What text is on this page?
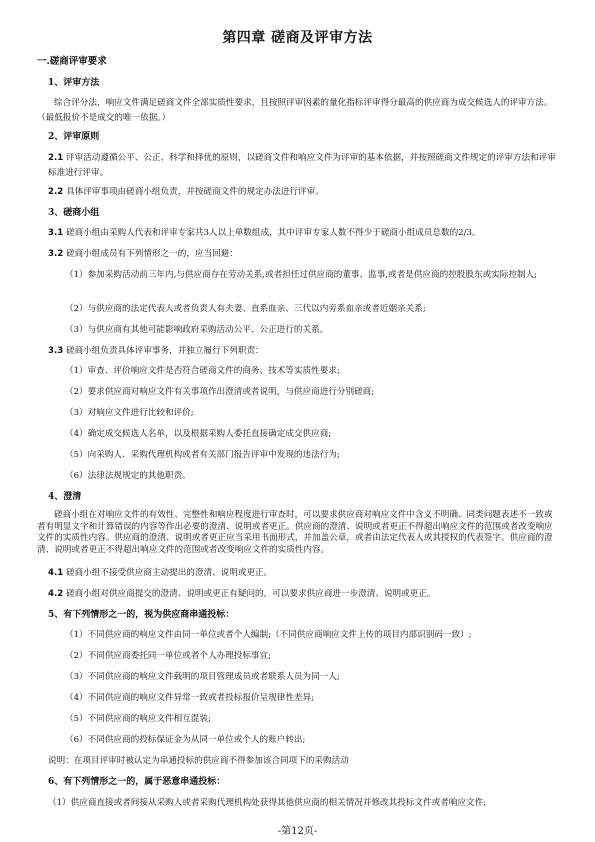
第四章 磋商及评审方法
一.磋商评审要求
1、评审方法
综合评分法，响应文件满足磋商文件全部实质性要求，且按照评审因素的量化指标评审得分最高的供应商为成交候选人的评审方法。（最低报价不是成交的唯一依据。）
2、评审原则
2.1 评审活动遵循公平、公正、科学和择优的原则，以磋商文件和响应文件为评审的基本依据，并按照磋商文件规定的评审方法和评审标准进行评审。
2.2 具体评审事项由磋商小组负责，并按磋商文件的规定办法进行评审。
3、磋商小组
3.1 磋商小组由采购人代表和评审专家共3人以上单数组成，其中评审专家人数不得少于磋商小组成员总数的2/3。
3.2 磋商小组成员有下列情形之一的，应当回避：
（1）参加采购活动前三年内,与供应商存在劳动关系,或者担任过供应商的董事、监事,或者是供应商的控股股东或实际控制人;
（2）与供应商的法定代表人或者负责人有夫妻、直系血亲、三代以内旁系血亲或者近姻亲关系;
（3）与供应商有其他可能影响政府采购活动公平、公正进行的关系。
3.3 磋商小组负责具体评审事务，并独立履行下列职责：
（1）审查、评价响应文件是否符合磋商文件的商务、技术等实质性要求;
（2）要求供应商对响应文件有关事项作出澄清或者说明，与供应商进行分别磋商;
（3）对响应文件进行比较和评价;
（4）确定成交候选人名单，以及根据采购人委托直接确定成交供应商;
（5）向采购人、采购代理机构或者有关部门报告评审中发现的违法行为;
（6）法律法规规定的其他职责。
4、澄清
磋商小组在对响应文件的有效性、完整性和响应程度进行审查时，可以要求供应商对响应文件中含义不明确、同类问题表述不一致或者有明显文字和计算错误的内容等作出必要的澄清、说明或者更正。供应商的澄清、说明或者更正不得超出响应文件的范围或者改变响应文件的实质性内容。供应商的澄清、说明或者更正应当采用书面形式，并加盖公章，或者由法定代表人或其授权的代表签字。供应商的澄清、说明或者更正不得超出响应文件的范围或者改变响应文件的实质性内容。
4.1 磋商小组不接受供应商主动提出的澄清、说明或更正。
4.2 磋商小组对供应商提交的澄清、说明或更正有疑问的，可以要求供应商进一步澄清、说明或更正。
5、有下列情形之一的，视为供应商串通投标：
（1）不同供应商的响应文件由同一单位或者个人编制;（不同供应商响应文件上传的项目内部识别码一致）;
（2）不同供应商委托同一单位或者个人办理投标事宜;
（3）不同供应商的响应文件载明的项目管理成员或者联系人员为同一人;
（4）不同供应商的响应文件异常一致或者投标报价呈规律性差异;
（5）不同供应商的响应文件相互混装;
（6）不同供应商的投标保证金为从同一单位或个人的账户转出;
说明：在项目评审时被认定为串通投标的供应商不得参加该合同项下的采购活动
6、有下列情形之一的，属于恶意串通投标：
（1）供应商直接或者间接从采购人或者采购代理机构处获得其他供应商的相关情况并修改其投标文件或者响应文件;
-第12页-
